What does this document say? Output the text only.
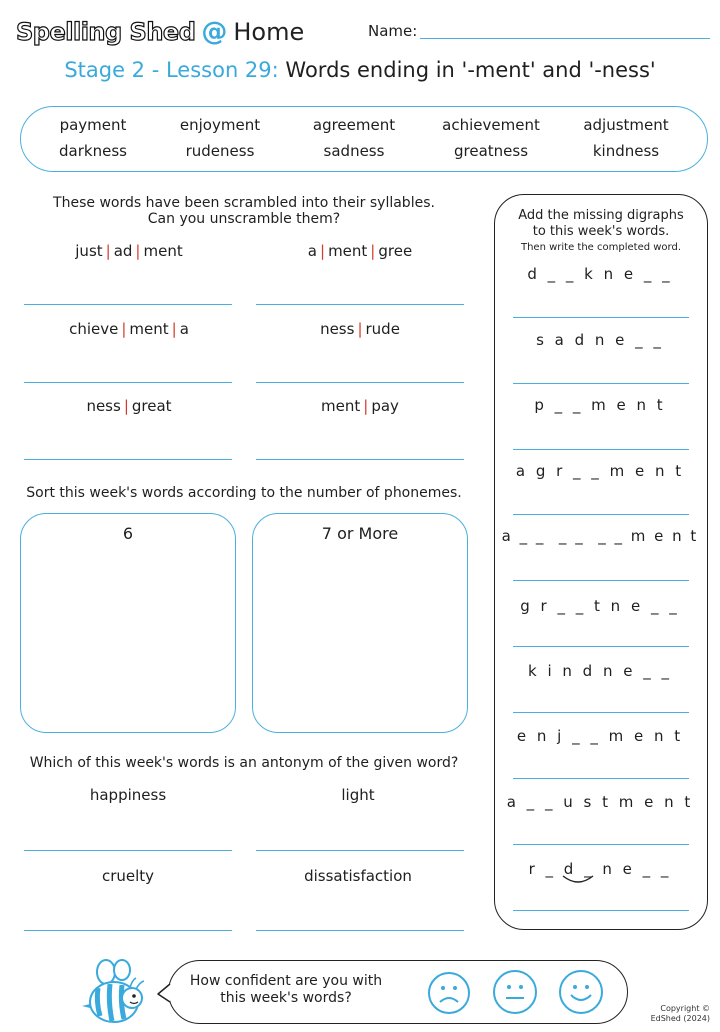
Spelling Shed @ Home	Name:
Stage 2 - Lesson 29: Words ending in '-ment' and '-ness'
payment	enjoyment	agreement	achievement	adjustment
darkness	rudeness	sadness	greatness	kindness
These words have been scrambled into their syllables.
Can you unscramble them?
just | ad | ment	a | ment | gree
chieve | ment | a	ness | rude
ness | great	ment | pay
Sort this week's words according to the number of phonemes.
6	7 or More
Which of this week's words is an antonym of the given word?
happiness	light
cruelty	dissatisfaction
Add the missing digraphs
to this week's words.
Then write the completed word.
d _ _ k n e _ _
s a d n e _ _
p _ _ m e n t
a g r _ _ m e n t
a _ _  _ _  _ _ m e n t
g r _ _ t n e _ _
k i n d n e _ _
e n j _ _ m e n t
a _ _ u s t m e n t
r _ d _ n e _ _
How confident are you with
this week's words?
Copyright ©
EdShed (2024)
